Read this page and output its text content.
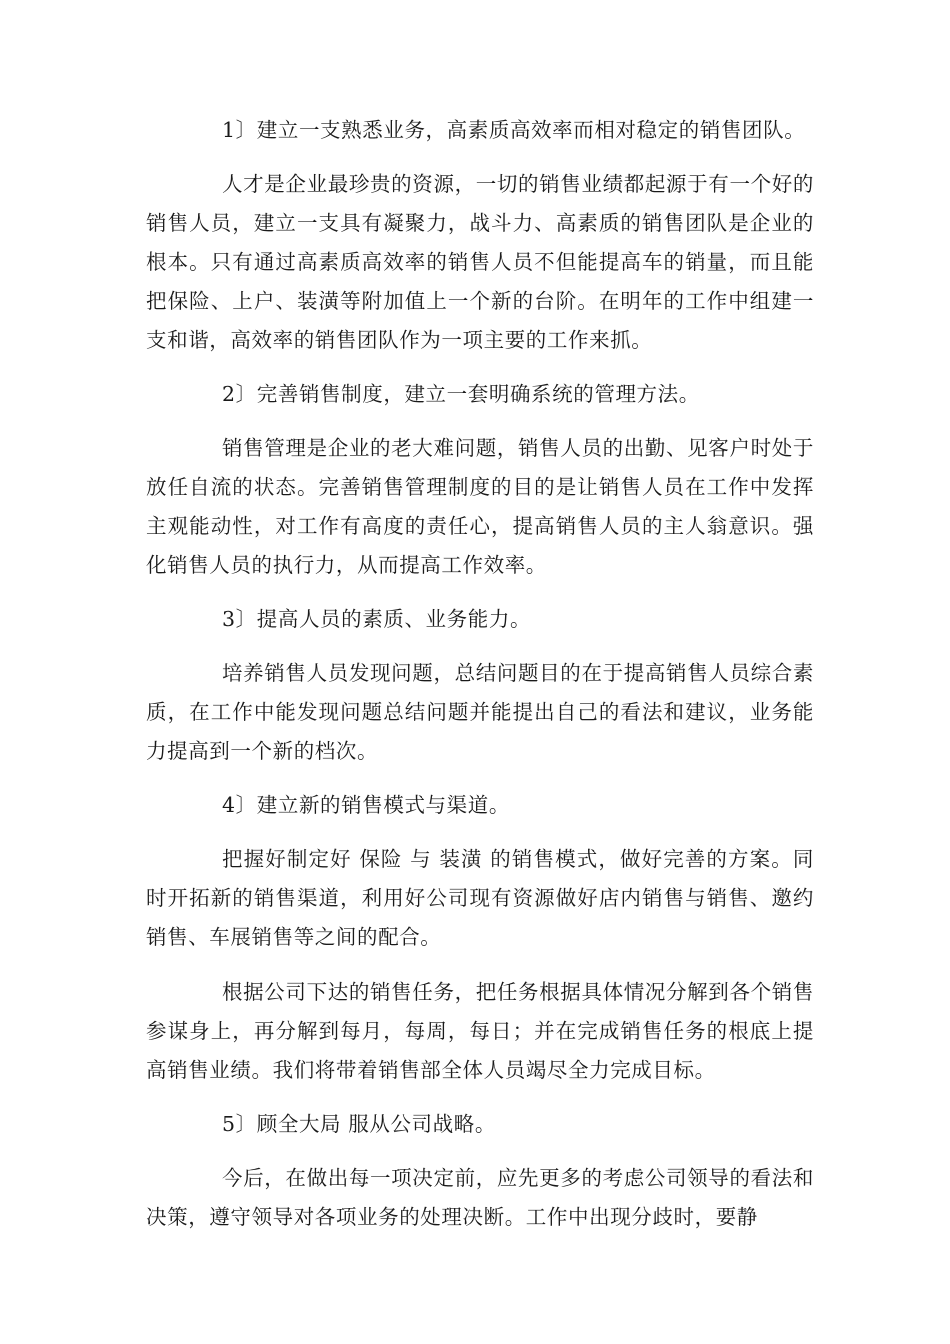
1〕建立一支熟悉业务，高素质高效率而相对稳定的销售团队。
人才是企业最珍贵的资源，一切的销售业绩都起源于有一个好的销售人员，建立一支具有凝聚力，战斗力、高素质的销售团队是企业的根本。只有通过高素质高效率的销售人员不但能提高车的销量，而且能把保险、上户、装潢等附加值上一个新的台阶。在明年的工作中组建一支和谐，高效率的销售团队作为一项主要的工作来抓。
2〕完善销售制度，建立一套明确系统的管理方法。
销售管理是企业的老大难问题，销售人员的出勤、见客户时处于放任自流的状态。完善销售管理制度的目的是让销售人员在工作中发挥主观能动性，对工作有高度的责任心，提高销售人员的主人翁意识。强化销售人员的执行力，从而提高工作效率。
3〕提高人员的素质、业务能力。
培养销售人员发现问题，总结问题目的在于提高销售人员综合素质，在工作中能发现问题总结问题并能提出自己的看法和建议，业务能力提高到一个新的档次。
4〕建立新的销售模式与渠道。
把握好制定好 保险 与 装潢 的销售模式，做好完善的方案。同时开拓新的销售渠道，利用好公司现有资源做好店内销售与销售、邀约销售、车展销售等之间的配合。
根据公司下达的销售任务，把任务根据具体情况分解到各个销售参谋身上，再分解到每月，每周，每日；并在完成销售任务的根底上提高销售业绩。我们将带着销售部全体人员竭尽全力完成目标。
5〕顾全大局 服从公司战略。
今后，在做出每一项决定前，应先更多的考虑公司领导的看法和决策，遵守领导对各项业务的处理决断。工作中出现分歧时，要静
